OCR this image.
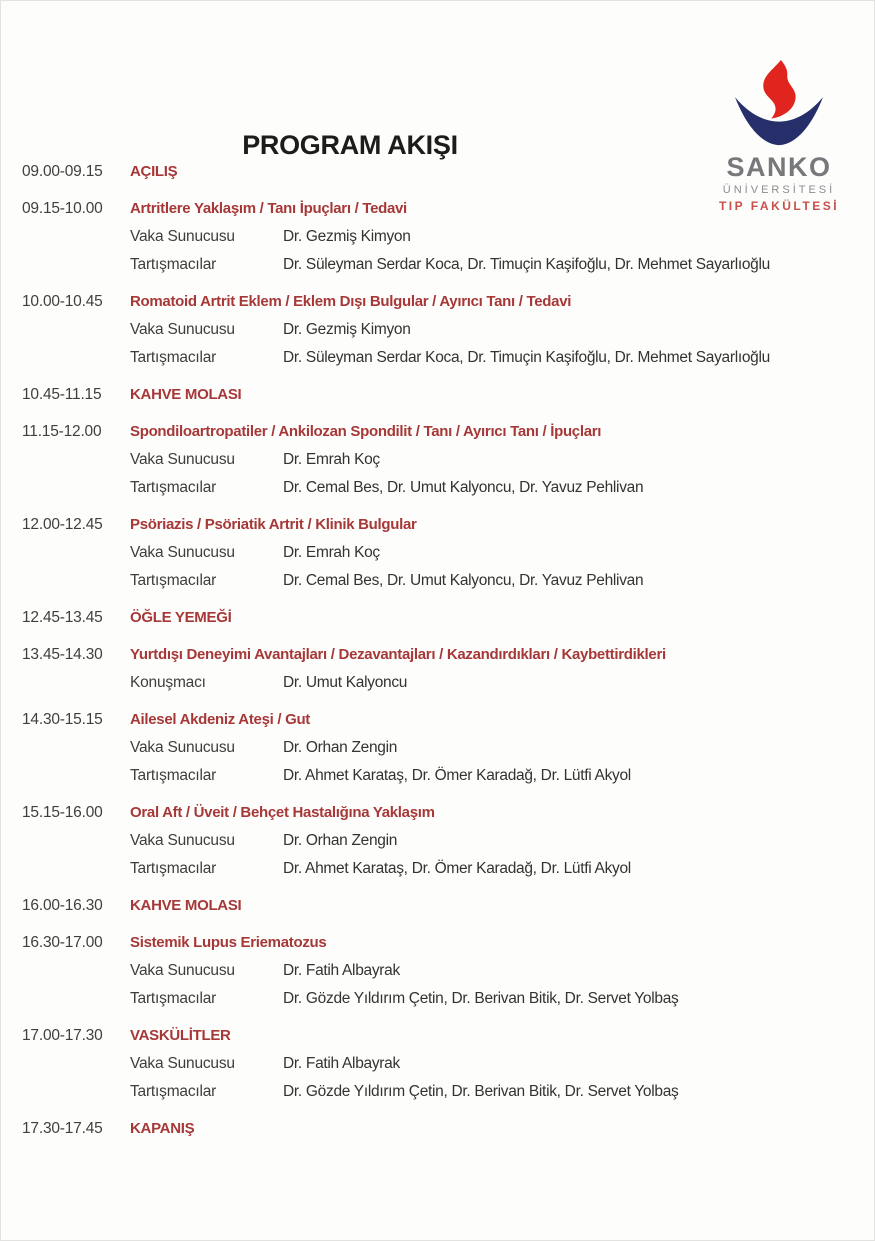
SANKO
ÜNİVERSİTESİ
TIP FAKÜLTESİ
PROGRAM AKIŞI
09.00-09.15	AÇILIŞ
09.15-10.00	Artritlere Yaklaşım / Tanı İpuçları / Tedavi
Vaka Sunucusu	Dr. Gezmiş Kimyon
Tartışmacılar	Dr. Süleyman Serdar Koca, Dr. Timuçin Kaşifoğlu, Dr. Mehmet Sayarlıoğlu
10.00-10.45	Romatoid Artrit Eklem / Eklem Dışı Bulgular / Ayırıcı Tanı / Tedavi
Vaka Sunucusu	Dr. Gezmiş Kimyon
Tartışmacılar	Dr. Süleyman Serdar Koca, Dr. Timuçin Kaşifoğlu, Dr. Mehmet Sayarlıoğlu
10.45-11.15	KAHVE MOLASI
11.15-12.00	Spondiloartropatiler / Ankilozan Spondilit / Tanı / Ayırıcı Tanı / İpuçları
Vaka Sunucusu	Dr. Emrah Koç
Tartışmacılar	Dr. Cemal Bes, Dr. Umut Kalyoncu, Dr. Yavuz Pehlivan
12.00-12.45	Psöriazis / Psöriatik Artrit / Klinik Bulgular
Vaka Sunucusu	Dr. Emrah Koç
Tartışmacılar	Dr. Cemal Bes, Dr. Umut Kalyoncu, Dr. Yavuz Pehlivan
12.45-13.45	ÖĞLE YEMEĞİ
13.45-14.30	Yurtdışı Deneyimi Avantajları / Dezavantajları / Kazandırdıkları / Kaybettirdikleri
Konuşmacı	Dr. Umut Kalyoncu
14.30-15.15	Ailesel Akdeniz Ateşi / Gut
Vaka Sunucusu	Dr. Orhan Zengin
Tartışmacılar	Dr. Ahmet Karataş, Dr. Ömer Karadağ, Dr. Lütfi Akyol
15.15-16.00	Oral Aft / Üveit / Behçet Hastalığına Yaklaşım
Vaka Sunucusu	Dr. Orhan Zengin
Tartışmacılar	Dr. Ahmet Karataş, Dr. Ömer Karadağ, Dr. Lütfi Akyol
16.00-16.30	KAHVE MOLASI
16.30-17.00	Sistemik Lupus Eriematozus
Vaka Sunucusu	Dr. Fatih Albayrak
Tartışmacılar	Dr. Gözde Yıldırım Çetin, Dr. Berivan Bitik, Dr. Servet Yolbaş
17.00-17.30	VASKÜLİTLER
Vaka Sunucusu	Dr. Fatih Albayrak
Tartışmacılar	Dr. Gözde Yıldırım Çetin, Dr. Berivan Bitik, Dr. Servet Yolbaş
17.30-17.45	KAPANIŞ
